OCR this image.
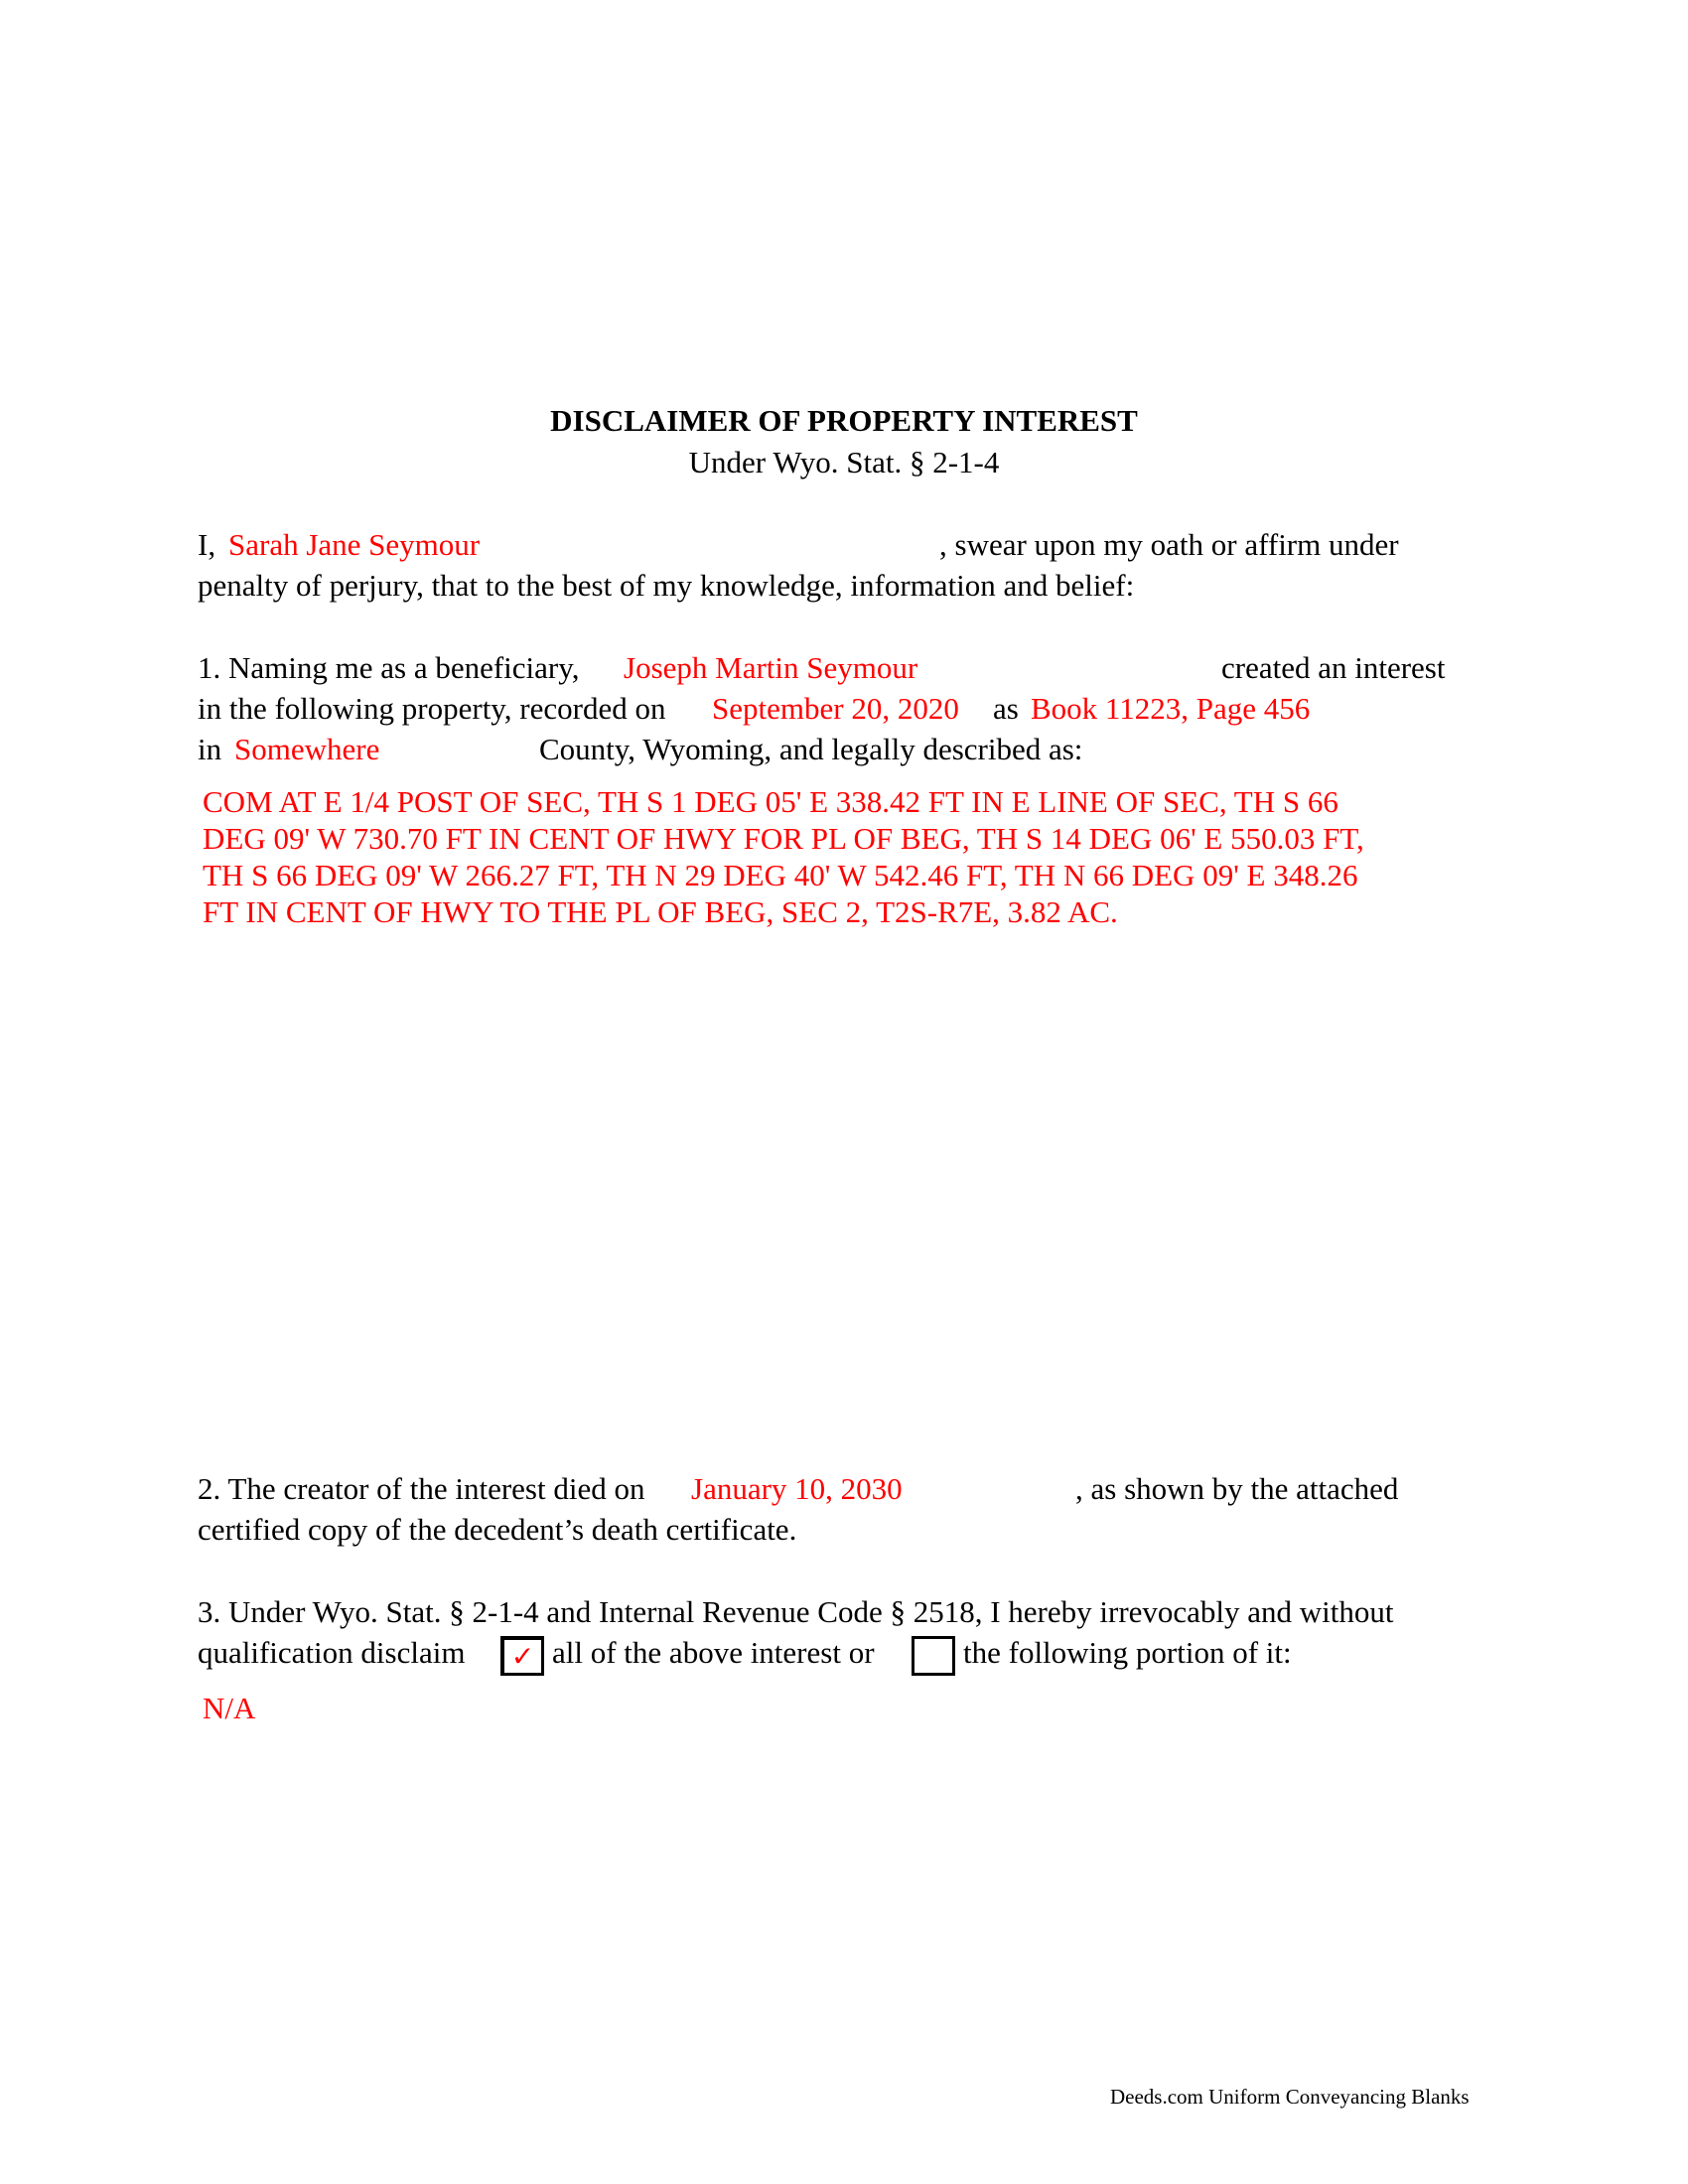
DISCLAIMER OF PROPERTY INTEREST
Under Wyo. Stat. § 2-1-4
I, Sarah Jane Seymour	, swear upon my oath or affirm under
penalty of perjury, that to the best of my knowledge, information and belief:
1. Naming me as a beneficiary, Joseph Martin Seymour	created an interest
in the following property, recorded on September 20, 2020 as Book 11223, Page 456
in Somewhere	County, Wyoming, and legally described as:
COM AT E 1/4 POST OF SEC, TH S 1 DEG 05' E 338.42 FT IN E LINE OF SEC, TH S 66
DEG 09' W 730.70 FT IN CENT OF HWY FOR PL OF BEG, TH S 14 DEG 06' E 550.03 FT,
TH S 66 DEG 09' W 266.27 FT, TH N 29 DEG 40' W 542.46 FT, TH N 66 DEG 09' E 348.26
FT IN CENT OF HWY TO THE PL OF BEG, SEC 2, T2S-R7E, 3.82 AC.
2. The creator of the interest died on January 10, 2030	, as shown by the attached
certified copy of the decedent’s death certificate.
3. Under Wyo. Stat. § 2-1-4 and Internal Revenue Code § 2518, I hereby irrevocably and without
qualification disclaim	✓ all of the above interest or	the following portion of it:
N/A
Deeds.com Uniform Conveyancing Blanks
